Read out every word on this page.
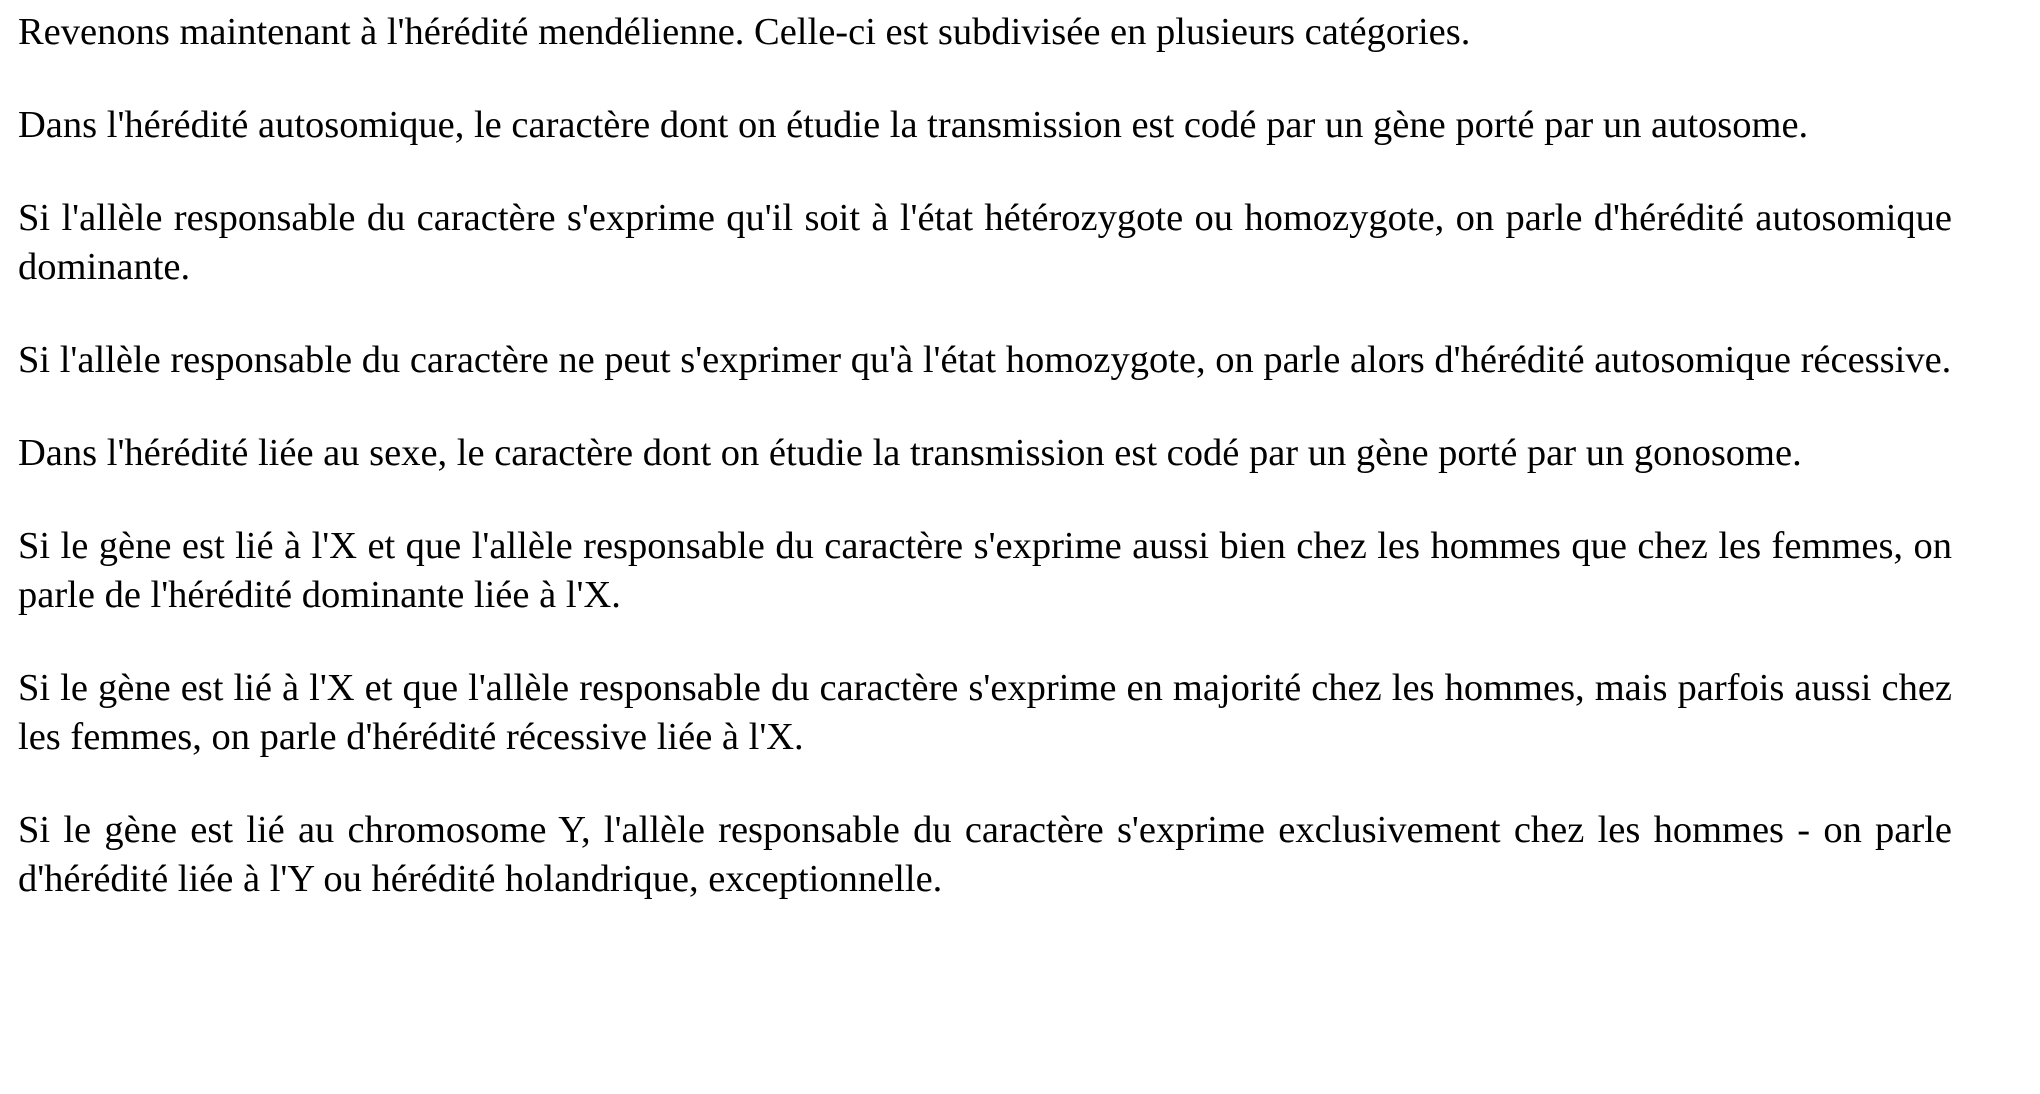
Revenons maintenant à l'hérédité mendélienne. Celle-ci est subdivisée en plusieurs catégories.

Dans l'hérédité autosomique, le caractère dont on étudie la transmission est codé par un gène porté par un autosome.

Si l'allèle responsable du caractère s'exprime qu'il soit à l'état hétérozygote ou homozygote, on parle d'hérédité autosomique dominante.

Si l'allèle responsable du caractère ne peut s'exprimer qu'à l'état homozygote, on parle alors d'hérédité autosomique récessive.

Dans l'hérédité liée au sexe, le caractère dont on étudie la transmission est codé par un gène porté par un gonosome.

Si le gène est lié à l'X et que l'allèle responsable du caractère s'exprime aussi bien chez les hommes que chez les femmes, on parle de l'hérédité dominante liée à l'X.

Si le gène est lié à l'X et que l'allèle responsable du caractère s'exprime en majorité chez les hommes, mais parfois aussi chez les femmes, on parle d'hérédité récessive liée à l'X.

Si le gène est lié au chromosome Y, l'allèle responsable du caractère s'exprime exclusivement chez les hommes - on parle d'hérédité liée à l'Y ou hérédité holandrique, exceptionnelle.
